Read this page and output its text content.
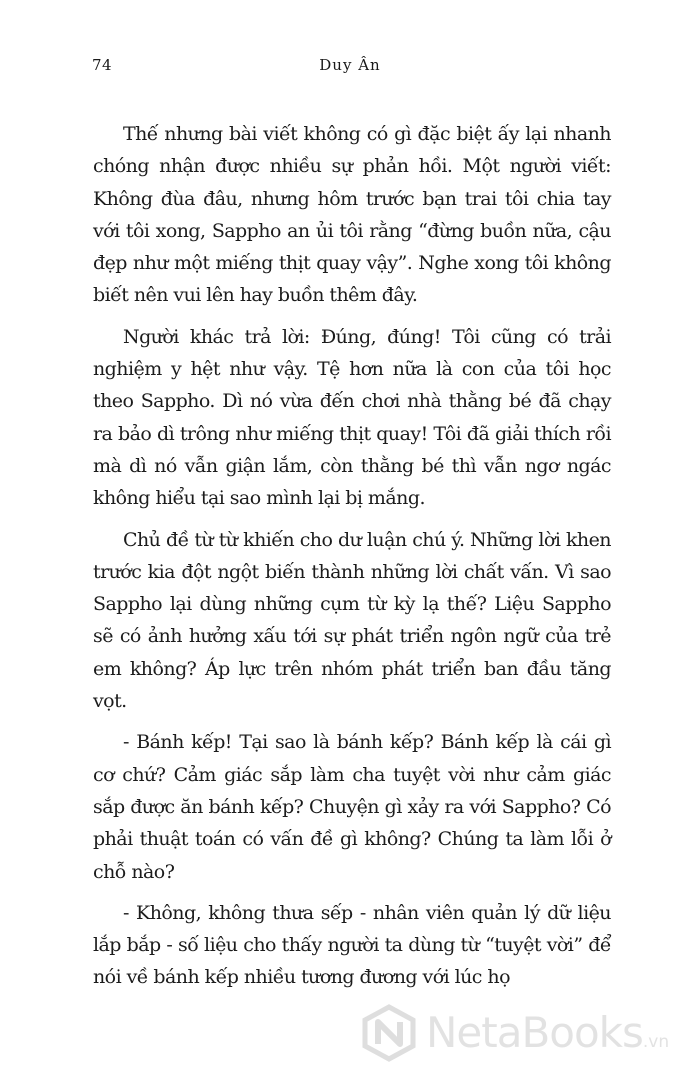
74	Duy Ân

Thế nhưng bài viết không có gì đặc biệt ấy lại nhanh chóng nhận được nhiều sự phản hồi. Một người viết: Không đùa đâu, nhưng hôm trước bạn trai tôi chia tay với tôi xong, Sappho an ủi tôi rằng “đừng buồn nữa, cậu đẹp như một miếng thịt quay vậy”. Nghe xong tôi không biết nên vui lên hay buồn thêm đây.

Người khác trả lời: Đúng, đúng! Tôi cũng có trải nghiệm y hệt như vậy. Tệ hơn nữa là con của tôi học theo Sappho. Dì nó vừa đến chơi nhà thằng bé đã chạy ra bảo dì trông như miếng thịt quay! Tôi đã giải thích rồi mà dì nó vẫn giận lắm, còn thằng bé thì vẫn ngơ ngác không hiểu tại sao mình lại bị mắng.

Chủ đề từ từ khiến cho dư luận chú ý. Những lời khen trước kia đột ngột biến thành những lời chất vấn. Vì sao Sappho lại dùng những cụm từ kỳ lạ thế? Liệu Sappho sẽ có ảnh hưởng xấu tới sự phát triển ngôn ngữ của trẻ em không? Áp lực trên nhóm phát triển ban đầu tăng vọt.

- Bánh kếp! Tại sao là bánh kếp? Bánh kếp là cái gì cơ chứ? Cảm giác sắp làm cha tuyệt vời như cảm giác sắp được ăn bánh kếp? Chuyện gì xảy ra với Sappho? Có phải thuật toán có vấn đề gì không? Chúng ta làm lỗi ở chỗ nào?

- Không, không thưa sếp - nhân viên quản lý dữ liệu lắp bắp - số liệu cho thấy người ta dùng từ “tuyệt vời” để nói về bánh kếp nhiều tương đương với lúc họ

NetaBooks.vn
